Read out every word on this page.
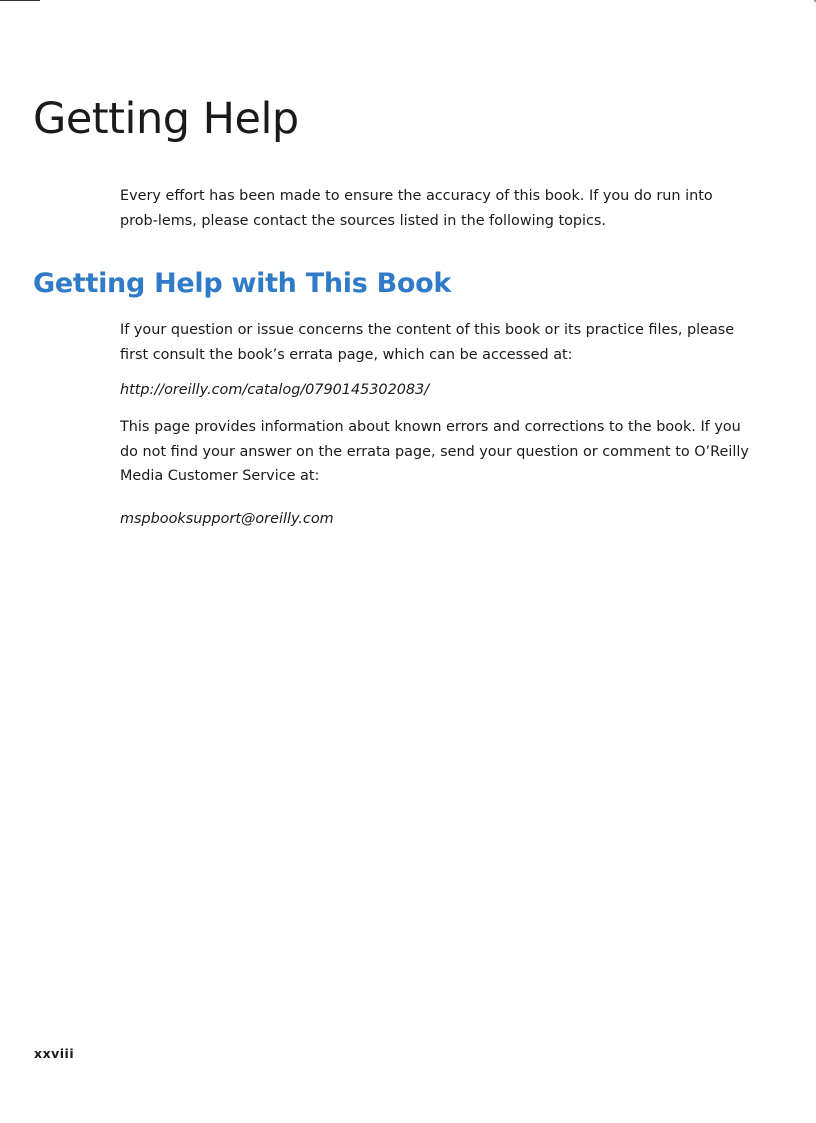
Getting Help

Every effort has been made to ensure the accuracy of this book. If you do run into prob-lems, please contact the sources listed in the following topics.

Getting Help with This Book

If your question or issue concerns the content of this book or its practice files, please first consult the book’s errata page, which can be accessed at:

http://oreilly.com/catalog/0790145302083/

This page provides information about known errors and corrections to the book. If you do not find your answer on the errata page, send your question or comment to O’Reilly Media Customer Service at:

mspbooksupport@oreilly.com

xxviii
